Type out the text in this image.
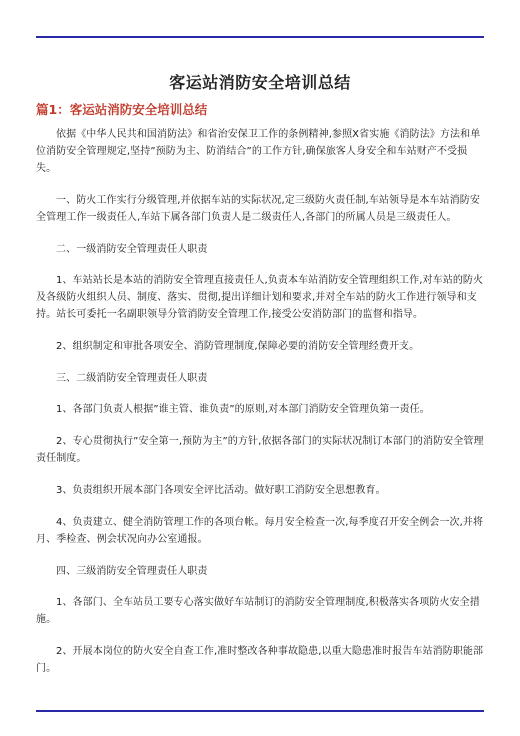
客运站消防安全培训总结
篇1：客运站消防安全培训总结

依据《中华人民共和国消防法》和省治安保卫工作的条例精神,参照X省实施《消防法》方法和单位消防安全管理规定,坚持”预防为主、防消结合”的工作方针,确保旅客人身安全和车站财产不受损失。

一、防火工作实行分级管理,并依据车站的实际状况,定三级防火责任制,车站领导是本车站消防安全管理工作一级责任人,车站下属各部门负责人是二级责任人,各部门的所属人员是三级责任人。

二、一级消防安全管理责任人职责

1、车站站长是本站的消防安全管理直接责任人,负责本车站消防安全管理组织工作,对车站的防火及各级防火组织人员、制度、落实、贯彻,提出详细计划和要求,并对全车站的防火工作进行领导和支持。站长可委托一名副职领导分管消防安全管理工作,接受公安消防部门的监督和指导。

2、组织制定和审批各项安全、消防管理制度,保障必要的消防安全管理经费开支。

三、二级消防安全管理责任人职责

1、各部门负责人根据”谁主管、谁负责”的原则,对本部门消防安全管理负第一责任。

2、专心贯彻执行”安全第一,预防为主”的方针,依据各部门的实际状况制订本部门的消防安全管理责任制度。

3、负责组织开展本部门各项安全评比活动。做好职工消防安全思想教育。

4、负责建立、健全消防管理工作的各项台帐。每月安全检查一次,每季度召开安全例会一次,并将月、季检查、例会状况向办公室通报。

四、三级消防安全管理责任人职责

1、各部门、全车站员工要专心落实做好车站制订的消防安全管理制度,积极落实各项防火安全措施。

2、开展本岗位的防火安全自查工作,准时整改各种事故隐患,以重大隐患准时报告车站消防职能部门。
